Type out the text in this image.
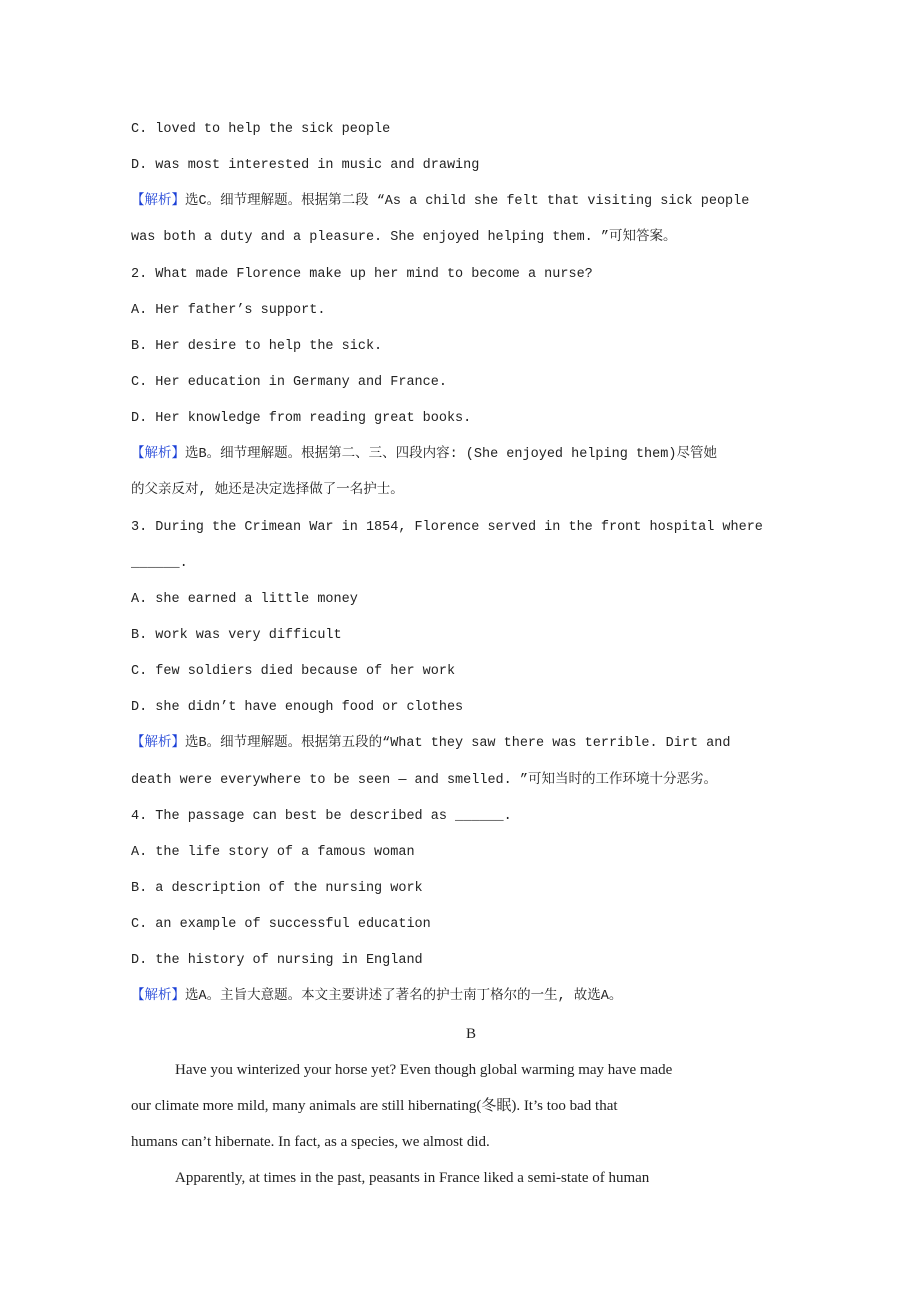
C. loved to help the sick people
D. was most interested in music and drawing
【解析】选C。细节理解题。根据第二段 “As a child she felt that visiting sick people
was both a duty and a pleasure. She enjoyed helping them. ”可知答案。
2. What made Florence make up her mind to become a nurse?
A. Her father’s support.
B. Her desire to help the sick.
C. Her education in Germany and France.
D. Her knowledge from reading great books.
【解析】选B。细节理解题。根据第二、三、四段内容: (She enjoyed helping them)尽管她
的父亲反对, 她还是决定选择做了一名护士。
3. During the Crimean War in 1854, Florence served in the front hospital where
______.
A. she earned a little money
B. work was very difficult
C. few soldiers died because of her work
D. she didn’t have enough food or clothes
【解析】选B。细节理解题。根据第五段的“What they saw there was terrible. Dirt and
death were everywhere to be seen — and smelled. ”可知当时的工作环境十分恶劣。
4. The passage can best be described as ______.
A. the life story of a famous woman
B. a description of the nursing work
C. an example of successful education
D. the history of nursing in England
【解析】选A。主旨大意题。本文主要讲述了著名的护士南丁格尔的一生, 故选A。
B
Have you winterized your horse yet? Even though global warming may have made
our climate more mild, many animals are still hibernating(冬眠). It’s too bad that
humans can’t hibernate. In fact, as a species, we almost did.
Apparently, at times in the past, peasants in France liked a semi-state of human
